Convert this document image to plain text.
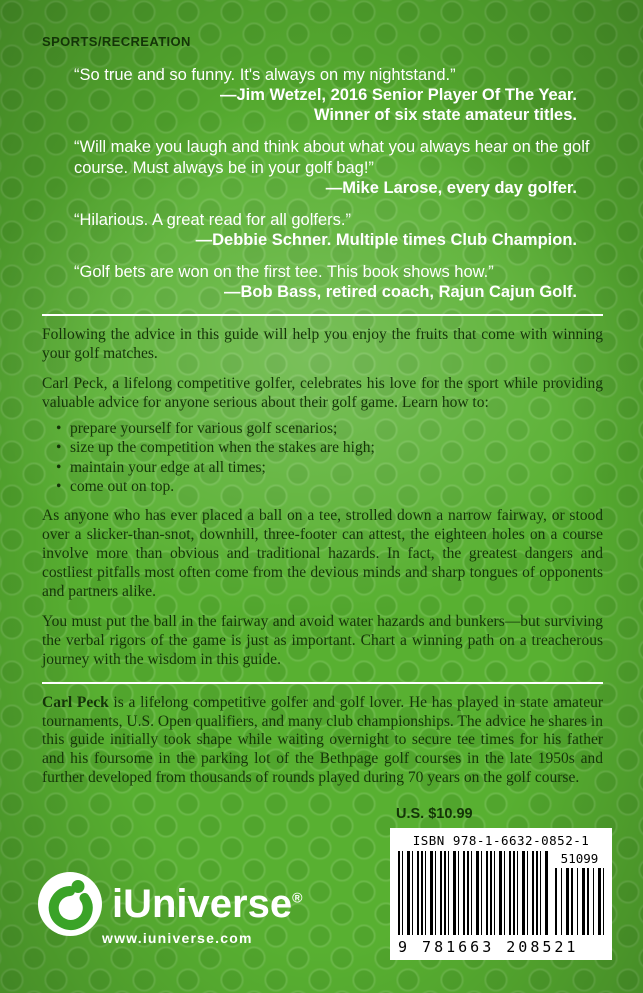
SPORTS/RECREATION

“So true and so funny. It's always on my nightstand.”

—Jim Wetzel, 2016 Senior Player Of The Year.

Winner of six state amateur titles.

“Will make you laugh and think about what you always hear on the golf course. Must always be in your golf bag!”

—Mike Larose, every day golfer.

“Hilarious. A great read for all golfers.”

—Debbie Schner. Multiple times Club Champion.

“Golf bets are won on the first tee. This book shows how.”

—Bob Bass, retired coach, Rajun Cajun Golf.

Following the advice in this guide will help you enjoy the fruits that come with winning your golf matches.

Carl Peck, a lifelong competitive golfer, celebrates his love for the sport while providing valuable advice for anyone serious about their golf game. Learn how to:

• prepare yourself for various golf scenarios;
• size up the competition when the stakes are high;
• maintain your edge at all times;
• come out on top.

As anyone who has ever placed a ball on a tee, strolled down a narrow fairway, or stood over a slicker-than-snot, downhill, three-footer can attest, the eighteen holes on a course involve more than obvious and traditional hazards. In fact, the greatest dangers and costliest pitfalls most often come from the devious minds and sharp tongues of opponents and partners alike.

You must put the ball in the fairway and avoid water hazards and bunkers—but surviving the verbal rigors of the game is just as important. Chart a winning path on a treacherous journey with the wisdom in this guide.

Carl Peck is a lifelong competitive golfer and golf lover. He has played in state amateur tournaments, U.S. Open qualifiers, and many club championships. The advice he shares in this guide initially took shape while waiting overnight to secure tee times for his father and his foursome in the parking lot of the Bethpage golf courses in the late 1950s and further developed from thousands of rounds played during 70 years on the golf course.

U.S. $10.99
ISBN 978-1-6632-0852-1
51099
9 781663 208521
iUniverse®
www.iuniverse.com
